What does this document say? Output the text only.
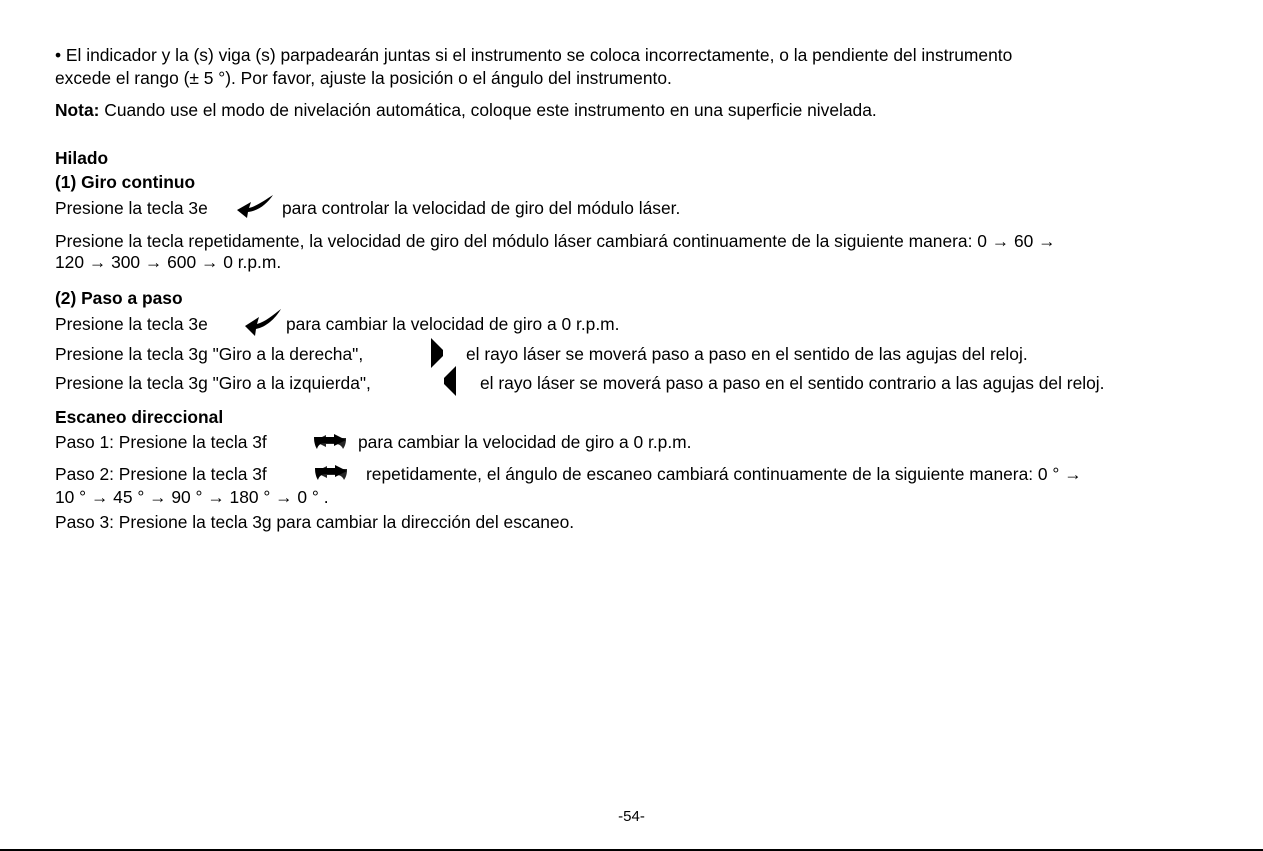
• El indicador y la (s) viga (s) parpadearán juntas si el instrumento se coloca incorrectamente, o la pendiente del instrumento
excede el rango (± 5 °). Por favor, ajuste la posición o el ángulo del instrumento.
Nota: Cuando use el modo de nivelación automática, coloque este instrumento en una superficie nivelada.
Hilado
(1) Giro continuo
Presione la tecla 3e	para controlar la velocidad de giro del módulo láser.
Presione la tecla repetidamente, la velocidad de giro del módulo láser cambiará continuamente de la siguiente manera: 0 → 60 →
120 → 300 → 600 → 0 r.p.m.
(2) Paso a paso
Presione la tecla 3e	para cambiar la velocidad de giro a 0 r.p.m.
Presione la tecla 3g "Giro a la derecha",	el rayo láser se moverá paso a paso en el sentido de las agujas del reloj.
Presione la tecla 3g "Giro a la izquierda",	el rayo láser se moverá paso a paso en el sentido contrario a las agujas del reloj.
Escaneo direccional
Paso 1: Presione la tecla 3f	para cambiar la velocidad de giro a 0 r.p.m.
Paso 2: Presione la tecla 3f	repetidamente, el ángulo de escaneo cambiará continuamente de la siguiente manera: 0 ° →
10 ° → 45 ° → 90 ° → 180 ° → 0 ° .
Paso 3: Presione la tecla 3g para cambiar la dirección del escaneo.
-54-
